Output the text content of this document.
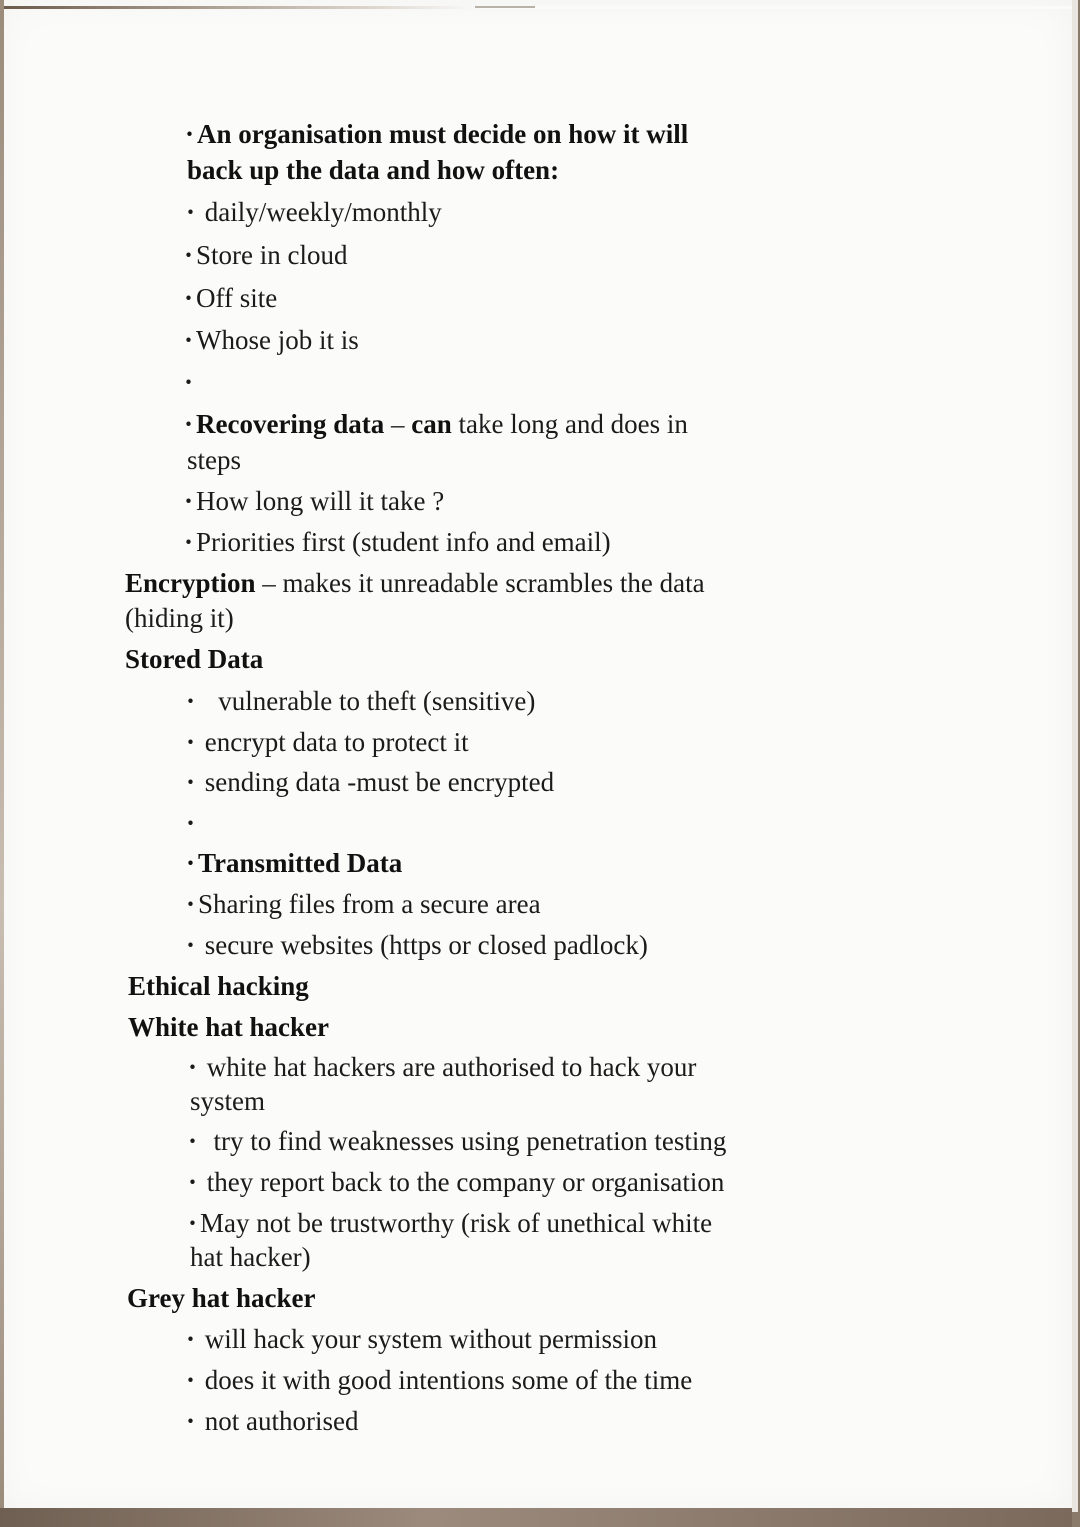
· An organisation must decide on how it will
back up the data and how often:
· daily/weekly/monthly
· Store in cloud
· Off site
· Whose job it is
·
· Recovering data – can take long and does in
steps
· How long will it take ?
· Priorities first (student info and email)
Encryption – makes it unreadable scrambles the data
(hiding it)
Stored Data
· vulnerable to theft (sensitive)
· encrypt data to protect it
· sending data -must be encrypted
·
· Transmitted Data
· Sharing files from a secure area
· secure websites (https or closed padlock)
Ethical hacking
White hat hacker
· white hat hackers are authorised to hack your
system
· try to find weaknesses using penetration testing
· they report back to the company or organisation
· May not be trustworthy (risk of unethical white
hat hacker)
Grey hat hacker
· will hack your system without permission
· does it with good intentions some of the time
· not authorised
